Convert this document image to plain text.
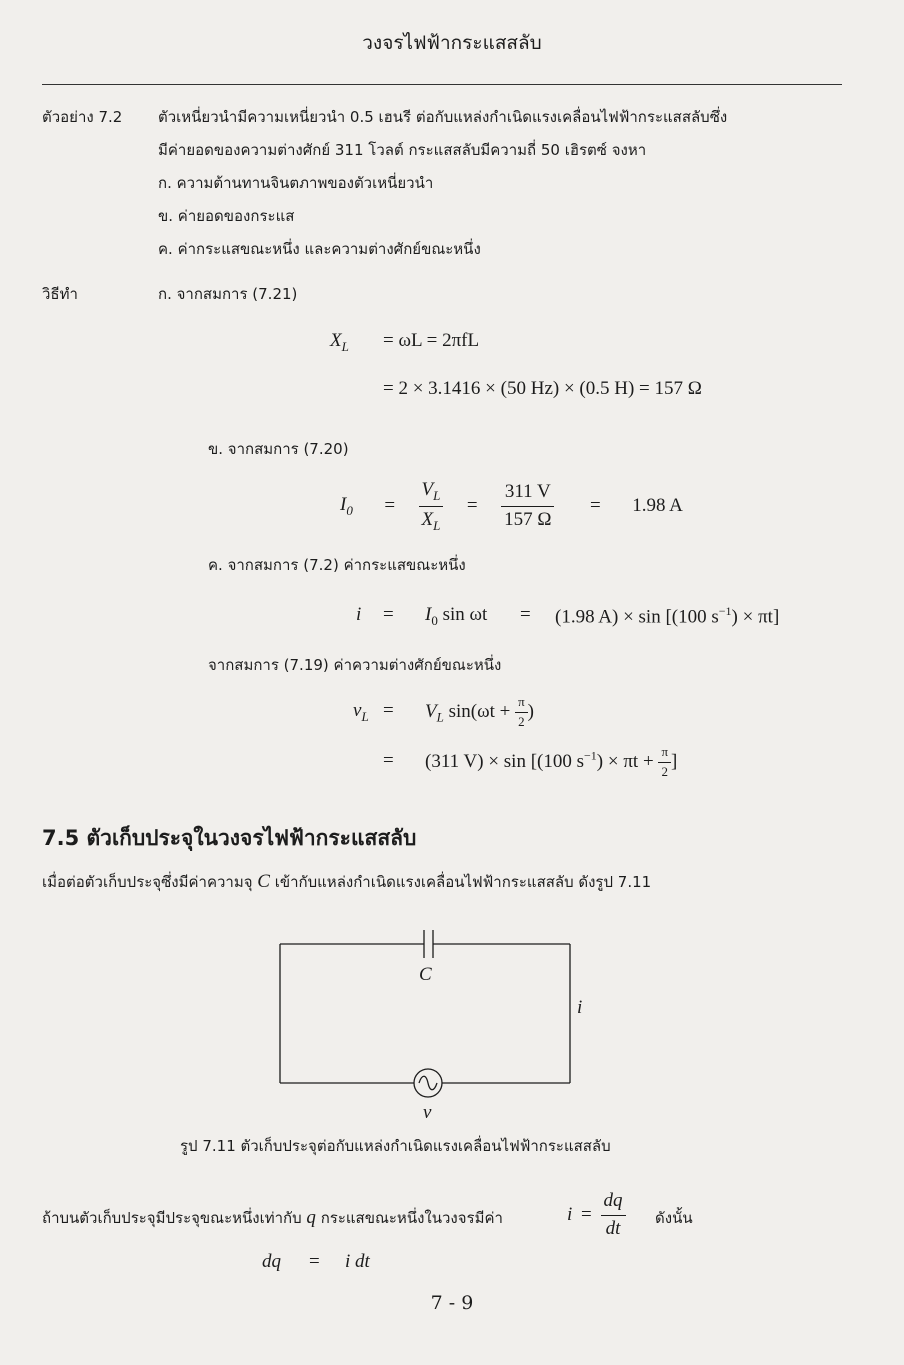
วงจรไฟฟ้ากระแสสลับ
ตัวอย่าง 7.2 ตัวเหนี่ยวนำมีความเหนี่ยวนำ 0.5 เฮนรี ต่อกับแหล่งกำเนิดแรงเคลื่อนไฟฟ้ากระแสสลับซึ่ง
มีค่ายอดของความต่างศักย์ 311 โวลต์ กระแสสลับมีความถี่ 50 เฮิรตซ์ จงหา
ก. ความต้านทานจินตภาพของตัวเหนี่ยวนำ
ข. ค่ายอดของกระแส
ค. ค่ากระแสขณะหนึ่ง และความต่างศักย์ขณะหนึ่ง
วิธีทำ	ก. จากสมการ (7.21)
$X_L = \omega L = 2\pi fL$
= 2 × 3.1416 × (50 Hz) × (0.5 H) = 157 Ω
ข. จากสมการ (7.20)
$I_0 = \frac{V_L}{X_L} = \frac{311 V}{157 \Omega} = 1.98$ A
ค. จากสมการ (7.2) ค่ากระแสขณะหนึ่ง
$i = I_0$ sin ωt = (1.98 A) × sin [(100 $s^{-1}) \times \pi t$]
จากสมการ (7.19) ค่าความต่างศักย์ขณะหนึ่ง
$v_L = V_L$ $\sin(\omega t + \frac{\pi}{2}$ )
= (311 V) × sin [(100 $s^{-1}) \times \pi t + \frac{\pi}{2}$ ]
7.5 ตัวเก็บประจุในวงจรไฟฟ้ากระแสสลับ
เมื่อต่อตัวเก็บประจุซึ่งมีค่าความจุ C เข้ากับแหล่งกำเนิดแรงเคลื่อนไฟฟ้ากระแสสลับ ดังรูป 7.11
C
i
v
รูป 7.11 ตัวเก็บประจุต่อกับแหล่งกำเนิดแรงเคลื่อนไฟฟ้ากระแสสลับ
ถ้าบนตัวเก็บประจุมีประจุขณะหนึ่งเท่ากับ q กระแสขณะหนึ่งในวงจรมีค่า	$i = \frac{dq}{dt}$ ดังนั้น
dq = i dt
7 - 9
